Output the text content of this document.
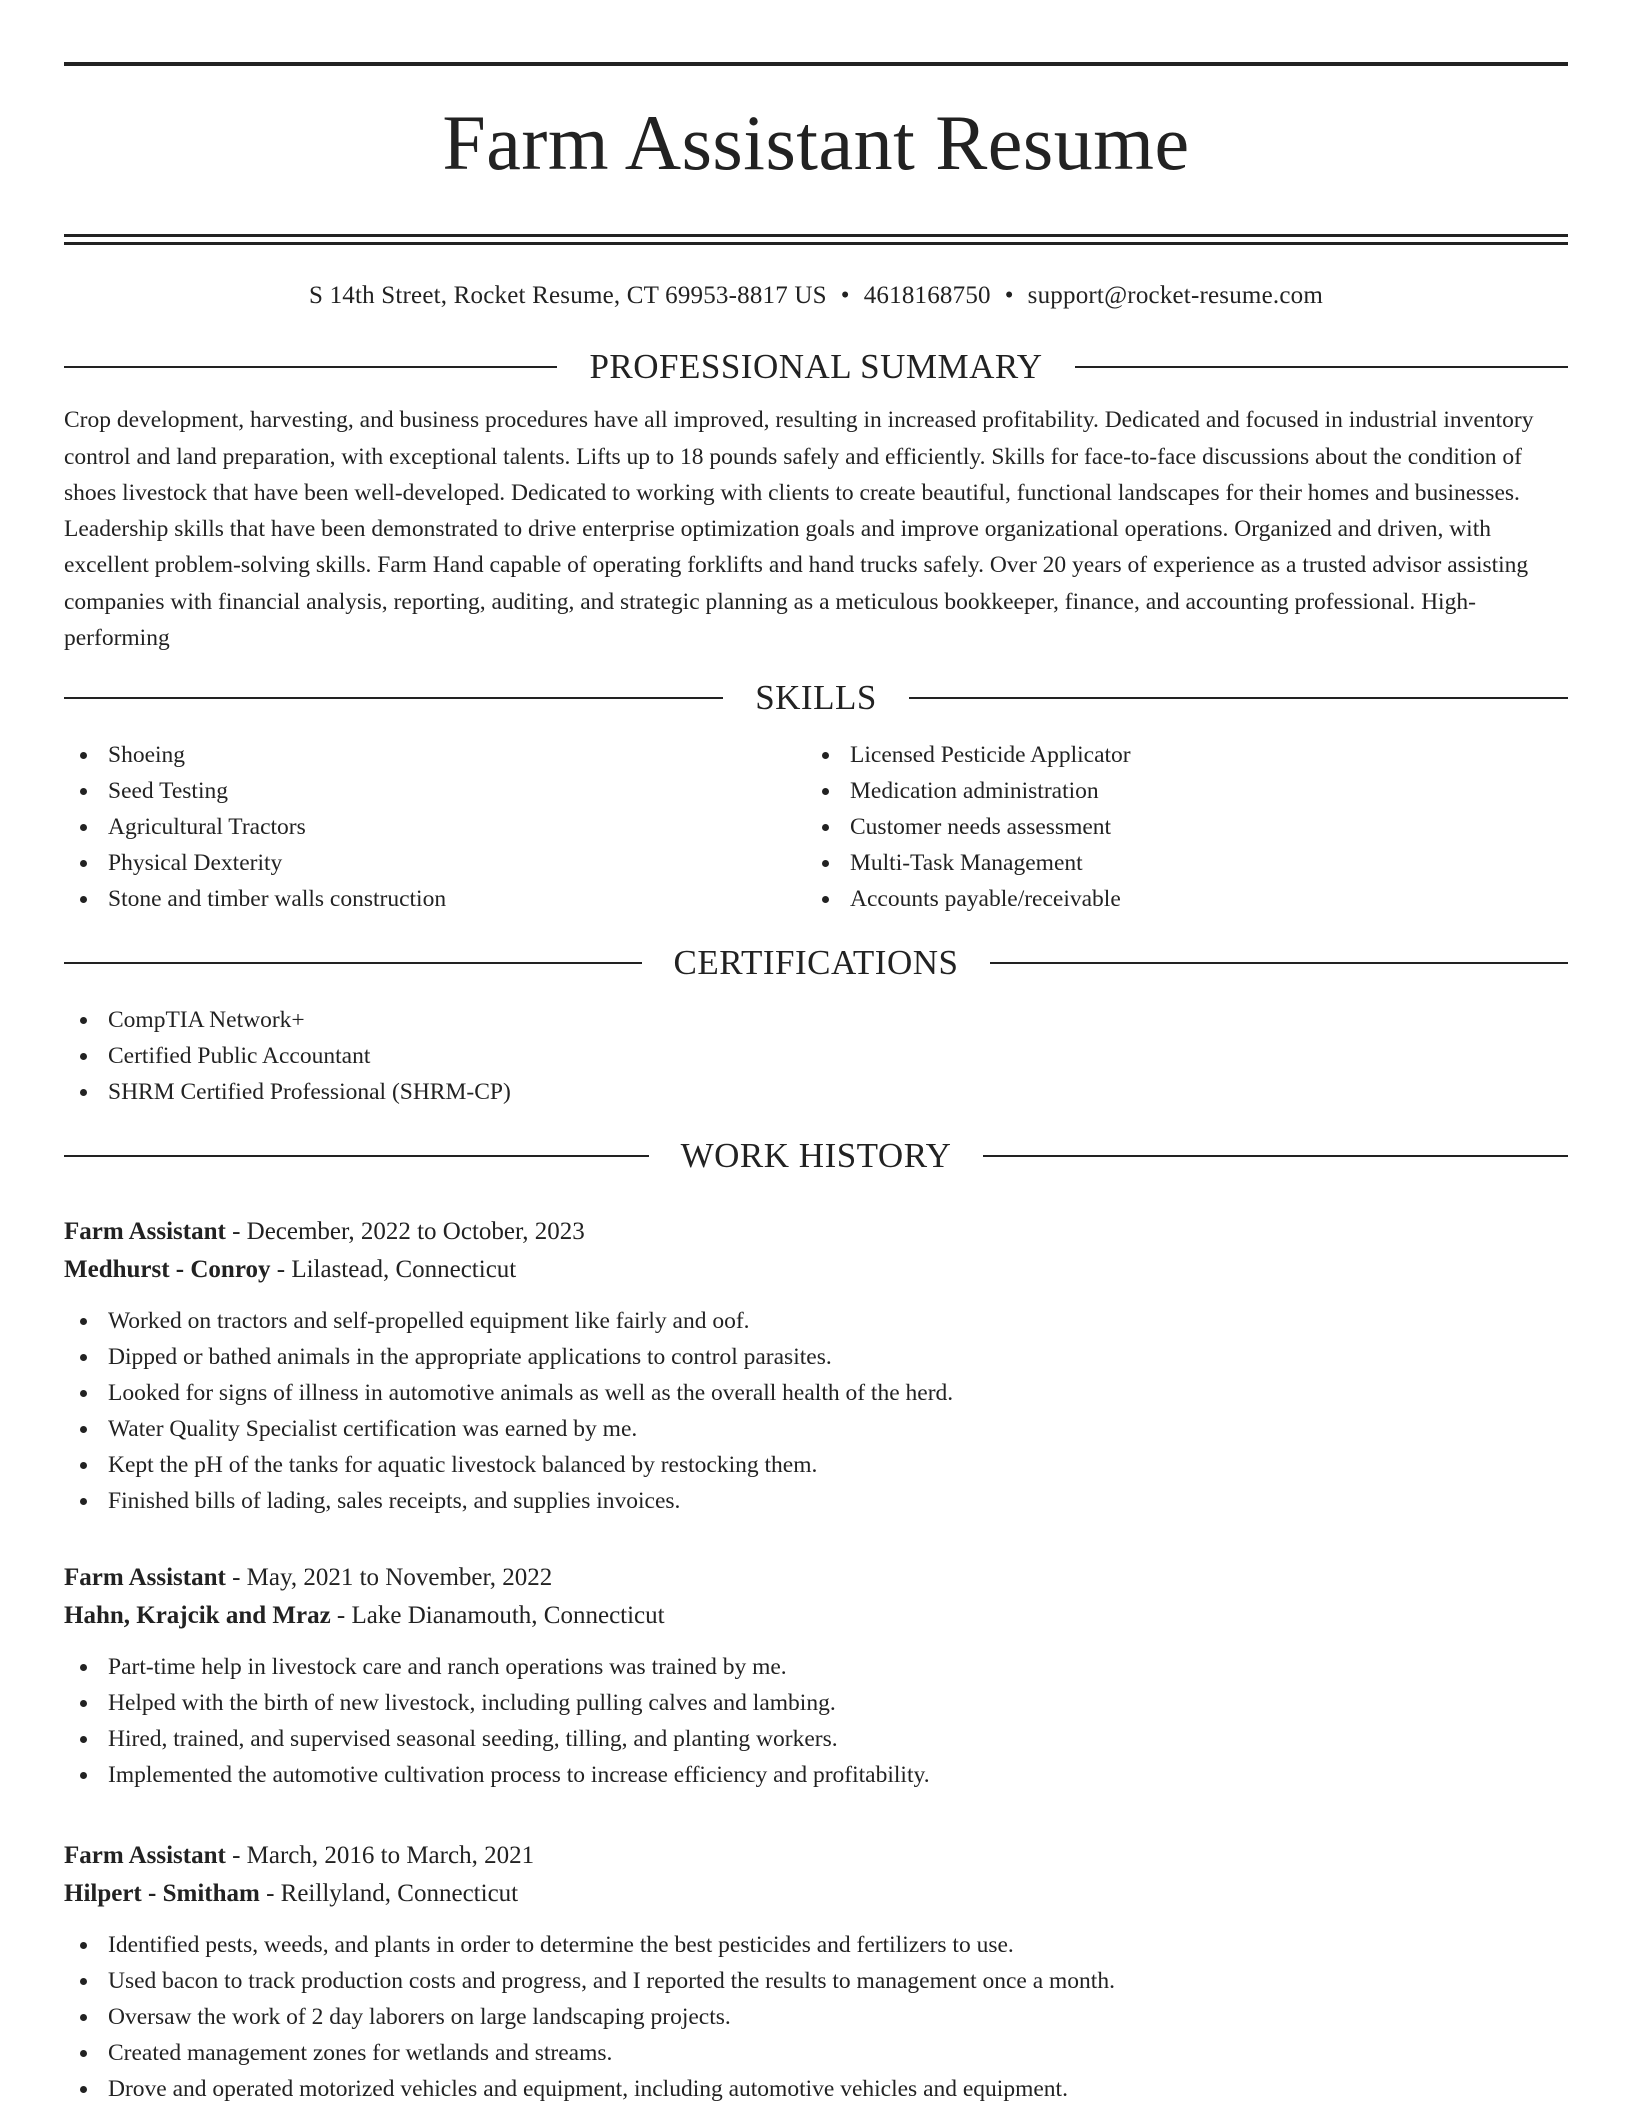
Farm Assistant Resume
S 14th Street, Rocket Resume, CT 69953-8817 US • 4618168750 • support@rocket-resume.com
PROFESSIONAL SUMMARY

Crop development, harvesting, and business procedures have all improved, resulting in increased profitability. Dedicated and focused in industrial inventory control and land preparation, with exceptional talents. Lifts up to 18 pounds safely and efficiently. Skills for face-to-face discussions about the condition of shoes livestock that have been well-developed. Dedicated to working with clients to create beautiful, functional landscapes for their homes and businesses. Leadership skills that have been demonstrated to drive enterprise optimization goals and improve organizational operations. Organized and driven, with excellent problem-solving skills. Farm Hand capable of operating forklifts and hand trucks safely. Over 20 years of experience as a trusted advisor assisting companies with financial analysis, reporting, auditing, and strategic planning as a meticulous bookkeeper, finance, and accounting professional. High-performing

SKILLS
Shoeing
Seed Testing
Agricultural Tractors
Physical Dexterity
Stone and timber walls construction
Licensed Pesticide Applicator
Medication administration
Customer needs assessment
Multi-Task Management
Accounts payable/receivable
CERTIFICATIONS
CompTIA Network+
Certified Public Accountant
SHRM Certified Professional (SHRM-CP)
WORK HISTORY
Farm Assistant - December, 2022 to October, 2023
Medhurst - Conroy - Lilastead, Connecticut
Worked on tractors and self-propelled equipment like fairly and oof.
Dipped or bathed animals in the appropriate applications to control parasites.
Looked for signs of illness in automotive animals as well as the overall health of the herd.
Water Quality Specialist certification was earned by me.
Kept the pH of the tanks for aquatic livestock balanced by restocking them.
Finished bills of lading, sales receipts, and supplies invoices.
Farm Assistant - May, 2021 to November, 2022
Hahn, Krajcik and Mraz - Lake Dianamouth, Connecticut
Part-time help in livestock care and ranch operations was trained by me.
Helped with the birth of new livestock, including pulling calves and lambing.
Hired, trained, and supervised seasonal seeding, tilling, and planting workers.
Implemented the automotive cultivation process to increase efficiency and profitability.
Farm Assistant - March, 2016 to March, 2021
Hilpert - Smitham - Reillyland, Connecticut
Identified pests, weeds, and plants in order to determine the best pesticides and fertilizers to use.
Used bacon to track production costs and progress, and I reported the results to management once a month.
Oversaw the work of 2 day laborers on large landscaping projects.
Created management zones for wetlands and streams.
Drove and operated motorized vehicles and equipment, including automotive vehicles and equipment.
